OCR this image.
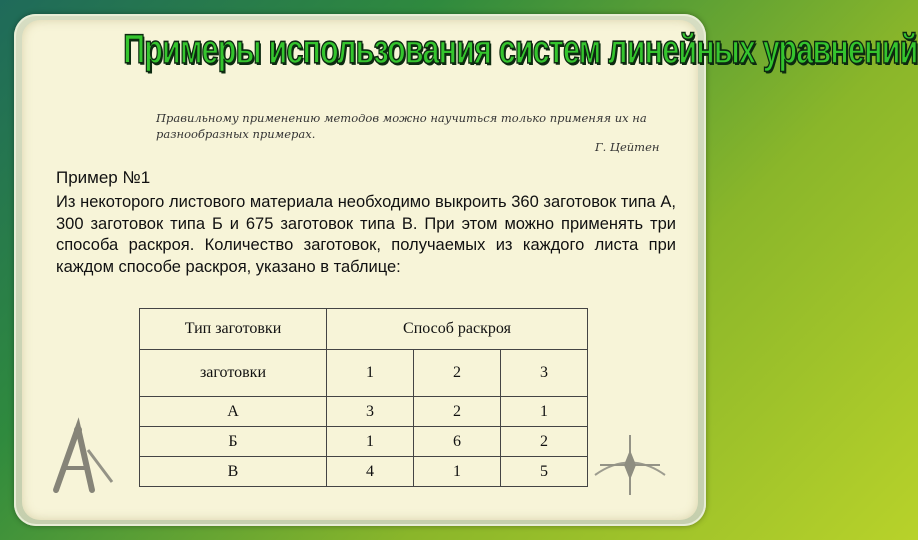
Примеры использования систем линейных уравнений
Правильному применению методов можно научиться только применяя их на разнообразных примерах.
Г. Цейтен
Пример №1
Из некоторого листового материала необходимо выкроить 360 заготовок типа А, 300 заготовок типа Б и 675 заготовок типа В. При этом можно применять три способа раскроя. Количество заготовок, получаемых из каждого листа при каждом способе раскроя, указано в таблице:
Тип заготовки	Способ раскроя		
заготовки	1	2	3
А	3	2	1
Б	1	6	2
В	4	1	5
